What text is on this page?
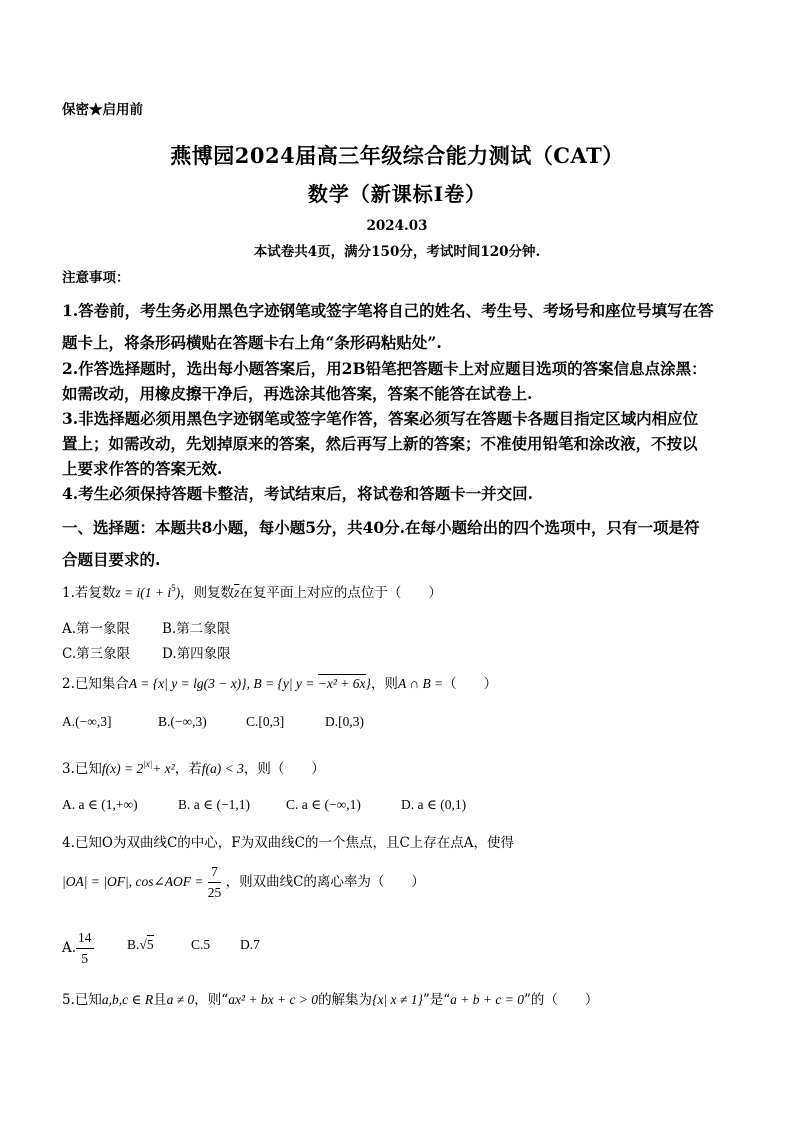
保密★启用前
燕博园2024届高三年级综合能力测试（CAT）
数学（新课标I卷）
2024.03
本试卷共4页，满分150分，考试时间120分钟.
注意事项：
1.答卷前，考生务必用黑色字迹钢笔或签字笔将自己的姓名、考生号、考场号和座位号填写在答
题卡上，将条形码横贴在答题卡右上角“条形码粘贴处”.
2.作答选择题时，选出每小题答案后，用2B铅笔把答题卡上对应题目选项的答案信息点涂黑：
如需改动，用橡皮擦干净后，再选涂其他答案，答案不能答在试卷上.
3.非选择题必须用黑色字迹钢笔或签字笔作答，答案必须写在答题卡各题目指定区域内相应位
置上；如需改动，先划掉原来的答案，然后再写上新的答案；不准使用铅笔和涂改液，不按以
上要求作答的答案无效.
4.考生必须保持答题卡整洁，考试结束后，将试卷和答题卡一并交回.
一、选择题：本题共8小题，每小题5分，共40分.在每小题给出的四个选项中，只有一项是符
合题目要求的.
1.若复数$z = i(1 + i^5)$，则复数$\overline{z}$在复平面上对应的点位于（　　）
A.第一象限 B.第二象限
C.第三象限 D.第四象限
2.已知集合A = {x| y = lg(3 − x)}, B = {y| y = −x² + 6x}，则A ∩ B =（　　）
A.(−∞,3]	B.(−∞,3)	C.[0,3]	D.[0,3)
3.已知$f(x) = 2^{|x|}+ x^2$，若f(a) < 3，则（　　）
A. a ∈ (1,+∞)	B. a ∈ (−1,1)	C. a ∈ (−∞,1)	D. a ∈ (0,1)
4.已知O为双曲线C的中心，F为双曲线C的一个焦点，且C上存在点A，使得
|OA| = |OF|, cos∠AOF = $\frac{7}{25}$ ，则双曲线C的离心率为（　　）
A. $\frac{14}{5} B.√5$	C.5 D.7
5.已知a,b,c ∈ R且a ≠ 0，则“ax² + bx + c > 0的解集为{x| x ≠ 1}”是“a + b + c = 0”的（　　）
